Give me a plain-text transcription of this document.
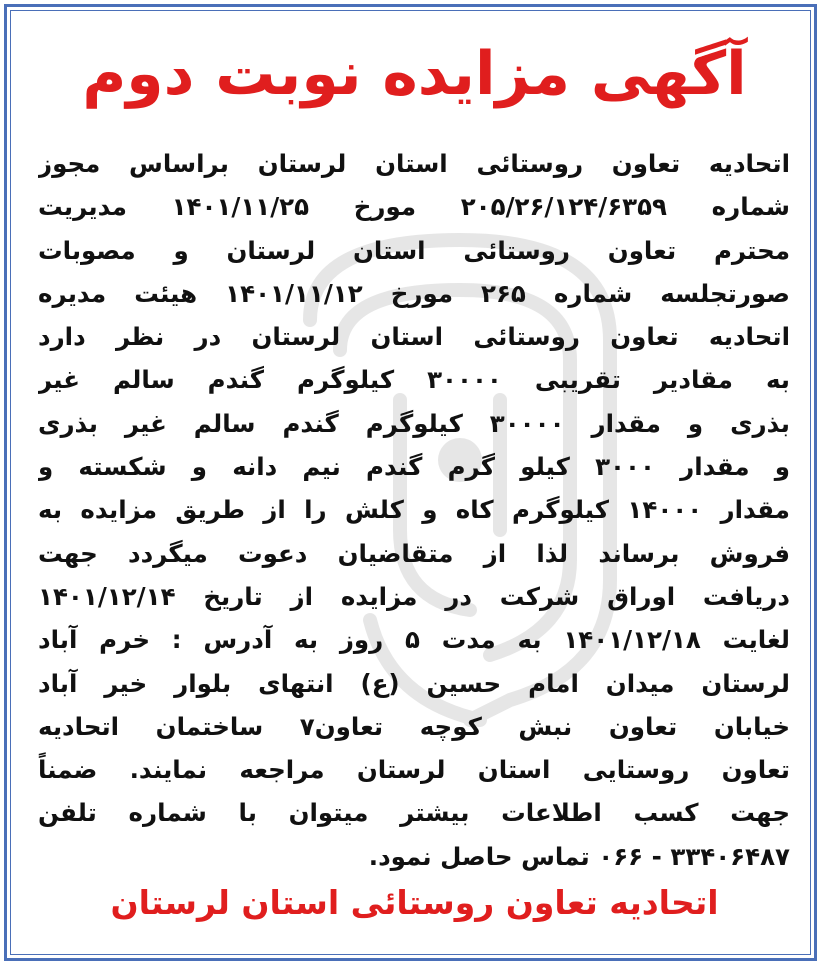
آگهی مزایده نوبت دوم
اتحادیه تعاون روستائی استان لرستان براساس مجوز
شماره ۲۰۵/۲۶/۱۲۴/۶۳۵۹ مورخ ۱۴۰۱/۱۱/۲۵ مدیریت
محترم تعاون روستائی استان لرستان و مصوبات
صورتجلسه شماره ۲۶۵ مورخ ۱۴۰۱/۱۱/۱۲ هیئت مدیره
اتحادیه تعاون روستائی استان لرستان در نظر دارد
به مقادیر تقریبی ۳۰۰۰۰ کیلوگرم گندم سالم غیر
بذری و مقدار ۳۰۰۰۰ کیلوگرم گندم سالم غیر بذری
و مقدار ۳۰۰۰ کیلو گرم گندم نیم دانه و شکسته و
مقدار ۱۴۰۰۰ کیلوگرم کاه و کلش را از طریق مزایده به
فروش برساند لذا از متقاضیان دعوت میگردد جهت
دریافت اوراق شرکت در مزایده از تاریخ ۱۴۰۱/۱۲/۱۴
لغایت ۱۴۰۱/۱۲/۱۸ به مدت ۵ روز به آدرس : خرم آباد
لرستان میدان امام حسین (ع) انتهای بلوار خیر آباد
خیابان تعاون نبش کوچه تعاون۷ ساختمان اتحادیه
تعاون روستایی استان لرستان مراجعه نمایند. ضمناً
جهت کسب اطلاعات بیشتر میتوان با شماره تلفن
۳۳۴۰۶۴۸۷ - ۰۶۶ تماس حاصل نمود.
اتحادیه تعاون روستائی استان لرستان
